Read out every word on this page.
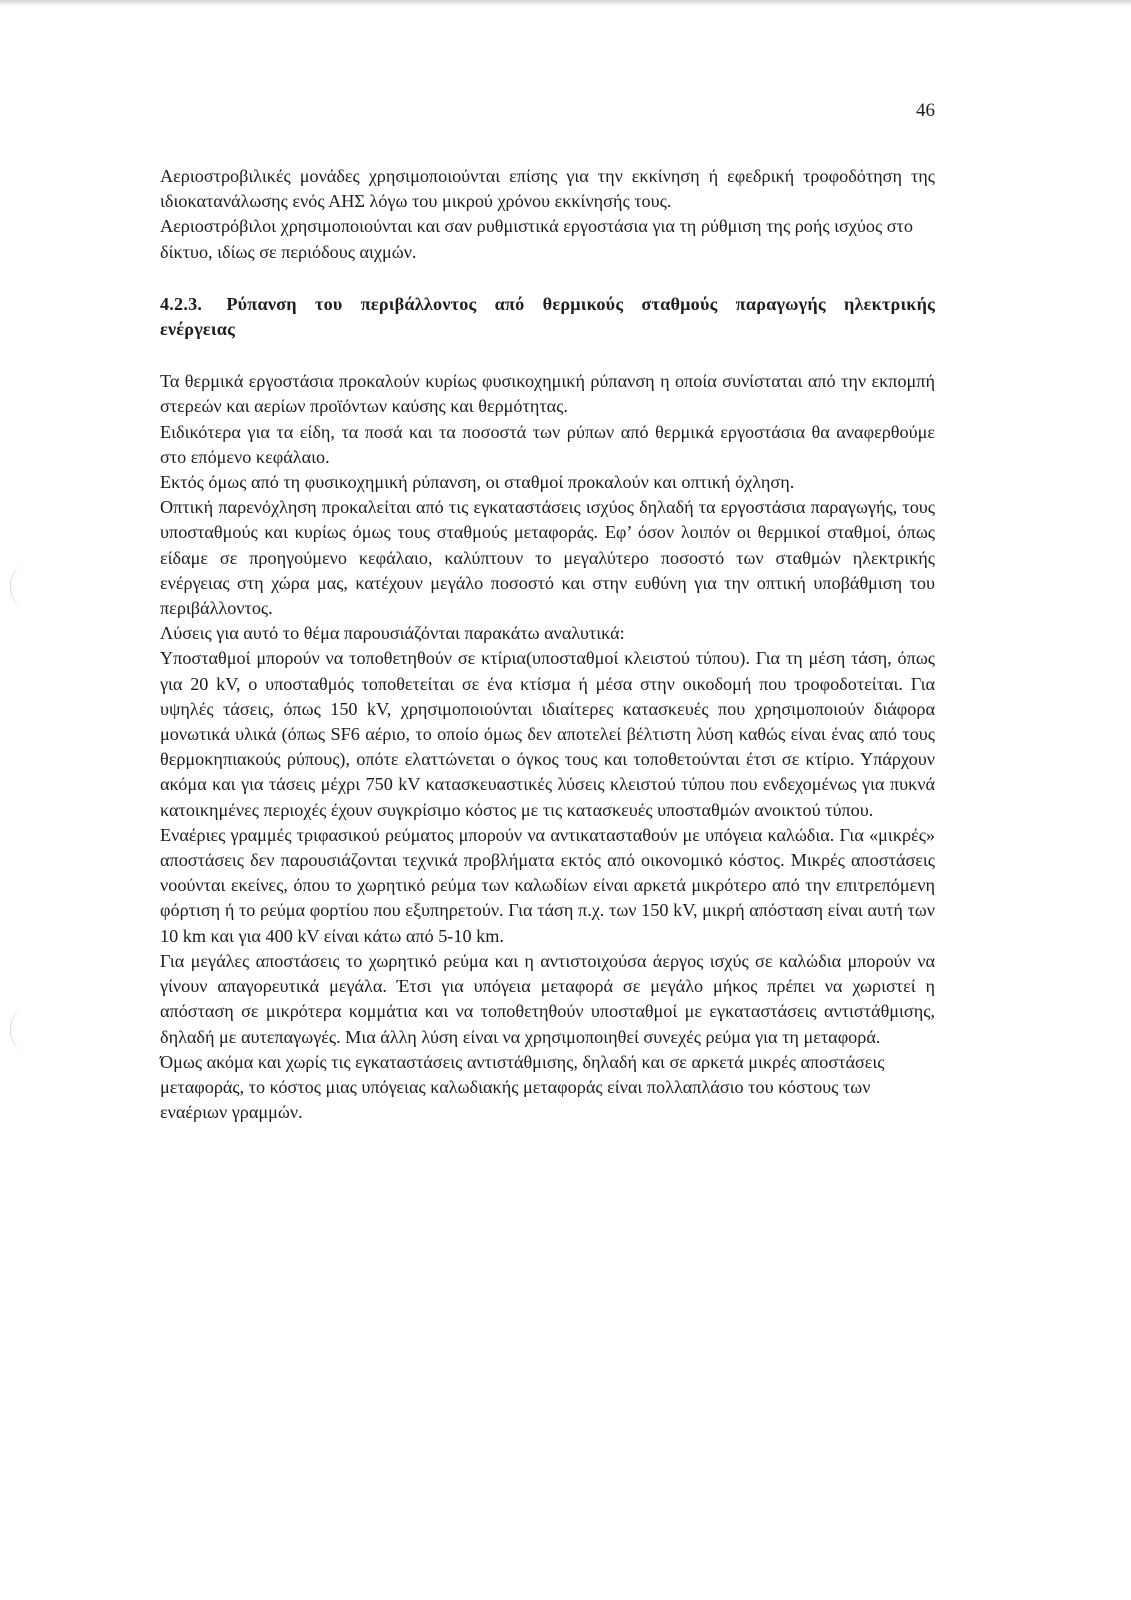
46

Αεριοστροβιλικές μονάδες χρησιμοποιούνται επίσης για την εκκίνηση ή εφεδρική τροφοδότηση της ιδιοκατανάλωσης ενός ΑΗΣ λόγω του μικρού χρόνου εκκίνησής τους.

Αεριοστρόβιλοι χρησιμοποιούνται και σαν ρυθμιστικά εργοστάσια για τη ρύθμιση της ροής ισχύος στο δίκτυο, ιδίως σε περιόδους αιχμών.

4.2.3. Ρύπανση του περιβάλλοντος από θερμικούς σταθμούς παραγωγής ηλεκτρικής ενέργειας

Τα θερμικά εργοστάσια προκαλούν κυρίως φυσικοχημική ρύπανση η οποία συνίσταται από την εκπομπή στερεών και αερίων προϊόντων καύσης και θερμότητας.

Ειδικότερα για τα είδη, τα ποσά και τα ποσοστά των ρύπων από θερμικά εργοστάσια θα αναφερθούμε στο επόμενο κεφάλαιο.

Εκτός όμως από τη φυσικοχημική ρύπανση, οι σταθμοί προκαλούν και οπτική όχληση.

Οπτική παρενόχληση προκαλείται από τις εγκαταστάσεις ισχύος δηλαδή τα εργοστάσια παραγωγής, τους υποσταθμούς και κυρίως όμως τους σταθμούς μεταφοράς. Εφ’ όσον λοιπόν οι θερμικοί σταθμοί, όπως είδαμε σε προηγούμενο κεφάλαιο, καλύπτουν το μεγαλύτερο ποσοστό των σταθμών ηλεκτρικής ενέργειας στη χώρα μας, κατέχουν μεγάλο ποσοστό και στην ευθύνη για την οπτική υποβάθμιση του περιβάλλοντος.

Λύσεις για αυτό το θέμα παρουσιάζόνται παρακάτω αναλυτικά:

Υποσταθμοί μπορούν να τοποθετηθούν σε κτίρια(υποσταθμοί κλειστού τύπου). Για τη μέση τάση, όπως για 20 kV, ο υποσταθμός τοποθετείται σε ένα κτίσμα ή μέσα στην οικοδομή που τροφοδοτείται. Για υψηλές τάσεις, όπως 150 kV, χρησιμοποιούνται ιδιαίτερες κατασκευές που χρησιμοποιούν διάφορα μονωτικά υλικά (όπως SF6 αέριο, το οποίο όμως δεν αποτελεί βέλτιστη λύση καθώς είναι ένας από τους θερμοκηπιακούς ρύπους), οπότε ελαττώνεται ο όγκος τους και τοποθετούνται έτσι σε κτίριο. Υπάρχουν ακόμα και για τάσεις μέχρι 750 kV κατασκευαστικές λύσεις κλειστού τύπου που ενδεχομένως για πυκνά κατοικημένες περιοχές έχουν συγκρίσιμο κόστος με τις κατασκευές υποσταθμών ανοικτού τύπου.

Εναέριες γραμμές τριφασικού ρεύματος μπορούν να αντικατασταθούν με υπόγεια καλώδια. Για «μικρές» αποστάσεις δεν παρουσιάζονται τεχνικά προβλήματα εκτός από οικονομικό κόστος. Μικρές αποστάσεις νοούνται εκείνες, όπου το χωρητικό ρεύμα των καλωδίων είναι αρκετά μικρότερο από την επιτρεπόμενη φόρτιση ή το ρεύμα φορτίου που εξυπηρετούν. Για τάση π.χ. των 150 kV, μικρή απόσταση είναι αυτή των 10 km και για 400 kV είναι κάτω από 5-10 km.

Για μεγάλες αποστάσεις το χωρητικό ρεύμα και η αντιστοιχούσα άεργος ισχύς σε καλώδια μπορούν να γίνουν απαγορευτικά μεγάλα. Έτσι για υπόγεια μεταφορά σε μεγάλο μήκος πρέπει να χωριστεί η απόσταση σε μικρότερα κομμάτια και να τοποθετηθούν υποσταθμοί με εγκαταστάσεις αντιστάθμισης, δηλαδή με αυτεπαγωγές. Μια άλλη λύση είναι να χρησιμοποιηθεί συνεχές ρεύμα για τη μεταφορά.

Όμως ακόμα και χωρίς τις εγκαταστάσεις αντιστάθμισης, δηλαδή και σε αρκετά μικρές αποστάσεις μεταφοράς, το κόστος μιας υπόγειας καλωδιακής μεταφοράς είναι πολλαπλάσιο του κόστους των εναέριων γραμμών.
